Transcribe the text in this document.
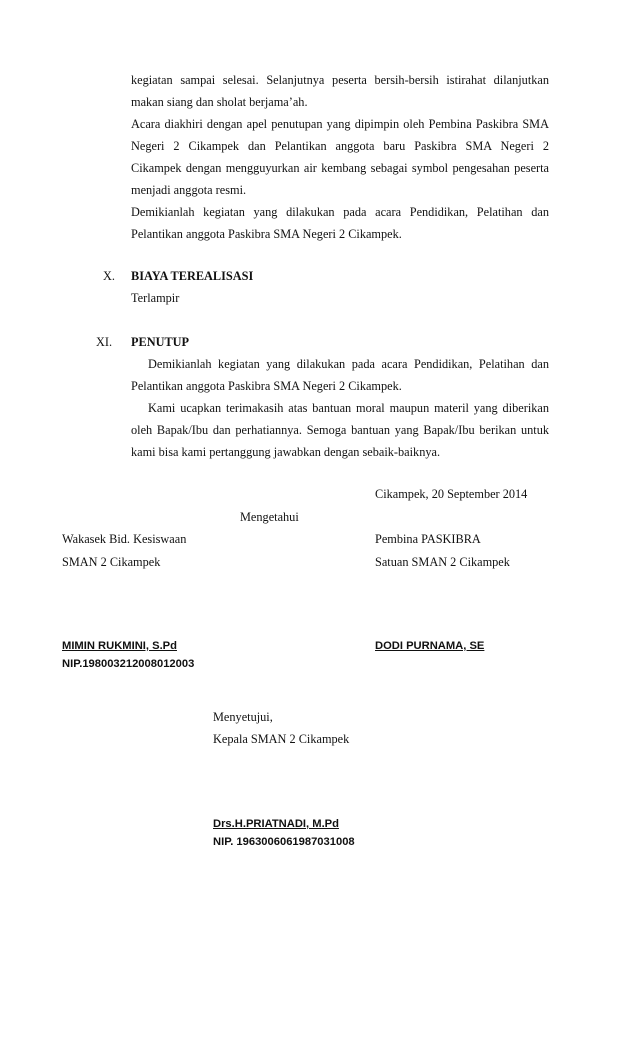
kegiatan sampai selesai. Selanjutnya peserta bersih-bersih istirahat dilanjutkan
makan siang dan sholat berjama’ah.
Acara diakhiri dengan apel penutupan yang dipimpin oleh Pembina Paskibra SMA
Negeri 2 Cikampek dan Pelantikan anggota baru Paskibra SMA Negeri 2
Cikampek dengan mengguyurkan air kembang sebagai symbol pengesahan peserta
menjadi anggota resmi.
Demikianlah kegiatan yang dilakukan pada acara Pendidikan, Pelatihan dan
Pelantikan anggota Paskibra SMA Negeri 2 Cikampek.
X. BIAYA TEREALISASI
Terlampir
XI. PENUTUP
Demikianlah kegiatan yang dilakukan pada acara Pendidikan, Pelatihan dan
Pelantikan anggota Paskibra SMA Negeri 2 Cikampek.
Kami ucapkan terimakasih atas bantuan moral maupun materil yang diberikan
oleh Bapak/Ibu dan perhatiannya. Semoga bantuan yang Bapak/Ibu berikan untuk
kami bisa kami pertanggung jawabkan dengan sebaik-baiknya.
Cikampek, 20 September 2014
Mengetahui
Wakasek Bid. Kesiswaan
SMAN 2 Cikampek
Pembina PASKIBRA
Satuan SMAN 2 Cikampek
MIMIN RUKMINI, S.Pd
NIP.198003212008012003
DODI PURNAMA, SE
Menyetujui,
Kepala SMAN 2 Cikampek
Drs.H.PRIATNADI, M.Pd
NIP. 1963006061987031008
